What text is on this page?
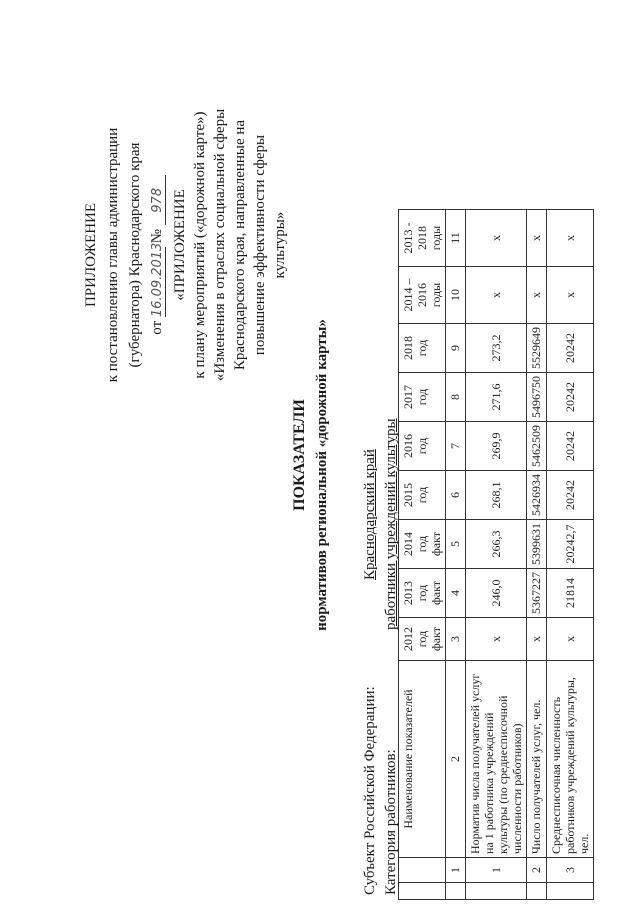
ПРИЛОЖЕНИЕ к постановлению главы администрации (губернатора) Краснодарского края от 16.09.2013 № 978 «ПРИЛОЖЕНИЕ к плану мероприятий («дорожной карте») «Изменения в отраслях социальной сферы Краснодарского края, направленные на повышение эффективности сферы культуры»
ПОКАЗАТЕЛИ нормативов региональной «дорожной карты»
Субъект Российской Федерации:
Краснодарский край
Категория работников:
работники учреждений культуры
		Наименование показателей	2012 год факт	2013 год факт	2014 год факт	2015 год	2016 год	2017 год	2018 год	2014 – 2016 годы	2013 - 2018 годы
	1	2	3	4	5	6	7	8	9	10	11
	1	Норматив числа получателей услуг на 1 работника учреждений культуры (по среднесписочной численности работников)	х	246,0	266,3	268,1	269,9	271,6	273,2	х	х
	2	Число получателей услуг, чел.	х	5367227	5399631	5426934	5462509	5496750	5529649	х	х
	3	Среднесписочная численность работников учреждений культуры, чел.	х	21814	20242,7	20242	20242	20242	20242	х	х
